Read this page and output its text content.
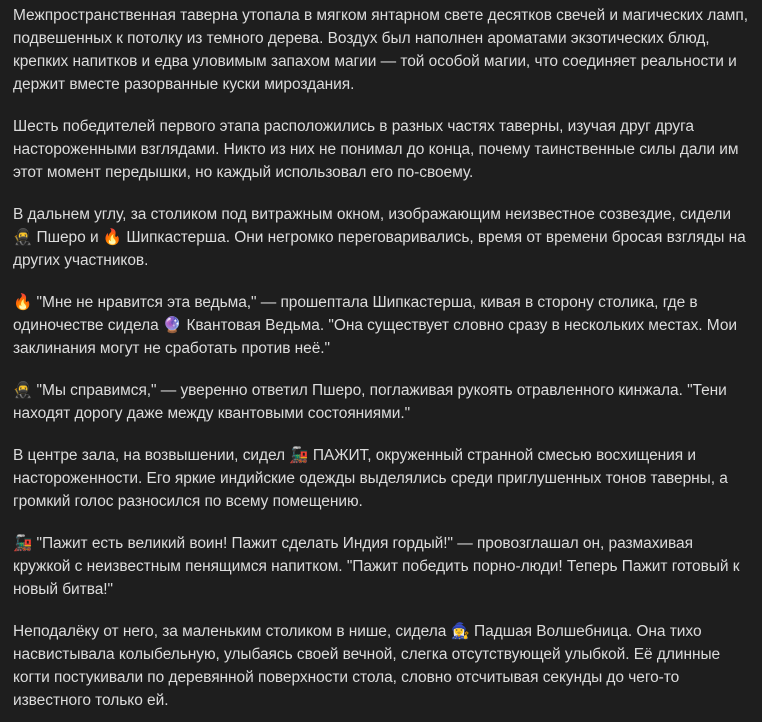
Межпространственная таверна утопала в мягком янтарном свете десятков свечей и магических ламп, подвешенных к потолку из темного дерева. Воздух был наполнен ароматами экзотических блюд, крепких напитков и едва уловимым запахом магии — той особой магии, что соединяет реальности и держит вместе разорванные куски мироздания.

Шесть победителей первого этапа расположились в разных частях таверны, изучая друг друга настороженными взглядами. Никто из них не понимал до конца, почему таинственные силы дали им этот момент передышки, но каждый использовал его по-своему.

В дальнем углу, за столиком под витражным окном, изображающим неизвестное созвездие, сидели 🥷 Пшеро и 🔥 Шипкастерша. Они негромко переговаривались, время от времени бросая взгляды на других участников.

🔥 "Мне не нравится эта ведьма," — прошептала Шипкастерша, кивая в сторону столика, где в одиночестве сидела 🔮 Квантовая Ведьма. "Она существует словно сразу в нескольких местах. Мои заклинания могут не сработать против неё."

🥷 "Мы справимся," — уверенно ответил Пшеро, поглаживая рукоять отравленного кинжала. "Тени находят дорогу даже между квантовыми состояниями."

В центре зала, на возвышении, сидел 🚂 ПАЖИТ, окруженный странной смесью восхищения и настороженности. Его яркие индийские одежды выделялись среди приглушенных тонов таверны, а громкий голос разносился по всему помещению.

🚂 "Пажит есть великий воин! Пажит сделать Индия гордый!" — провозглашал он, размахивая кружкой с неизвестным пенящимся напитком. "Пажит победить порно-люди! Теперь Пажит готовый к новый битва!"

Неподалёку от него, за маленьким столиком в нише, сидела 🧙‍♀️ Падшая Волшебница. Она тихо насвистывала колыбельную, улыбаясь своей вечной, слегка отсутствующей улыбкой. Её длинные когти постукивали по деревянной поверхности стола, словно отсчитывая секунды до чего-то известного только ей.
